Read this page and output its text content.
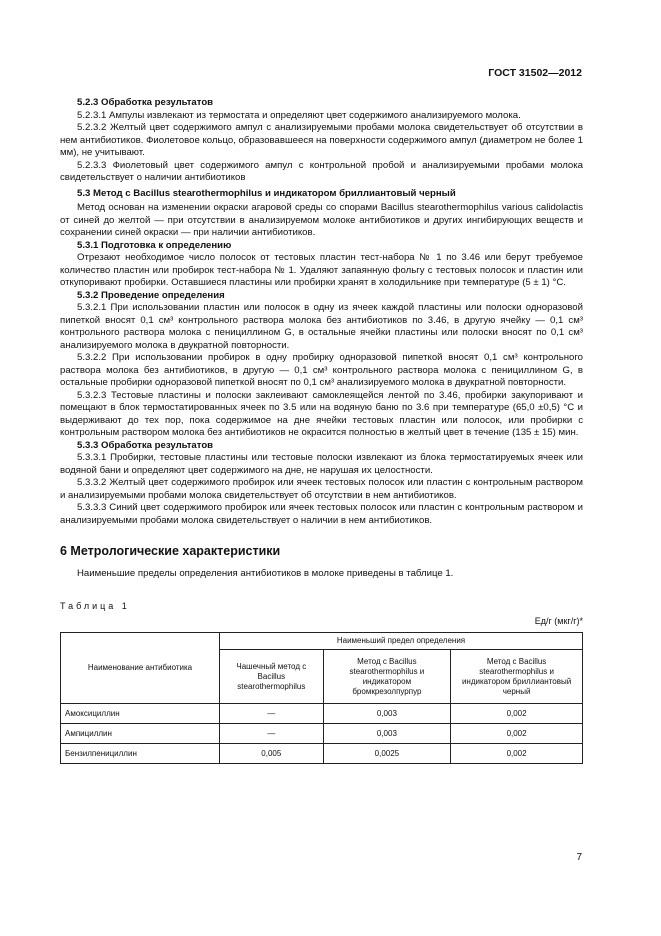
ГОСТ 31502—2012

5.2.3 Обработка результатов

5.2.3.1 Ампулы извлекают из термостата и определяют цвет содержимого анализируемого молока.

5.2.3.2 Желтый цвет содержимого ампул с анализируемыми пробами молока свидетельствует об отсутствии в нем антибиотиков. Фиолетовое кольцо, образовавшееся на поверхности содержимого ампул (диаметром не более 1 мм), не учитывают.

5.2.3.3 Фиолетовый цвет содержимого ампул с контрольной пробой и анализируемыми пробами молока свидетельствует о наличии антибиотиков

5.3 Метод с Bacillus stearothermophilus и индикатором бриллиантовый черный

Метод основан на изменении окраски агаровой среды со спорами Bacillus stearothermophilus various calidolactis от синей до желтой — при отсутствии в анализируемом молоке антибиотиков и других ингибирующих веществ и сохранении синей окраски — при наличии антибиотиков.

5.3.1 Подготовка к определению

Отрезают необходимое число полосок от тестовых пластин тест-набора № 1 по 3.46 или берут требуемое количество пластин или пробирок тест-набора № 1. Удаляют запаянную фольгу с тестовых полосок и пластин или откупоривают пробирки. Оставшиеся пластины или пробирки хранят в холодильнике при температуре (5 ± 1) °С.

5.3.2 Проведение определения

5.3.2.1 При использовании пластин или полосок в одну из ячеек каждой пластины или полоски одноразовой пипеткой вносят 0,1 см³ контрольного раствора молока без антибиотиков по 3.46, в другую ячейку — 0,1 см³ контрольного раствора молока с пенициллином G, в остальные ячейки пластины или полоски вносят по 0,1 см³ анализируемого молока в двукратной повторности.

5.3.2.2 При использовании пробирок в одну пробирку одноразовой пипеткой вносят 0,1 см³ контрольного раствора молока без антибиотиков, в другую — 0,1 см³ контрольного раствора молока с пенициллином G, в остальные пробирки одноразовой пипеткой вносят по 0,1 см³ анализируемого молока в двукратной повторности.

5.3.2.3 Тестовые пластины и полоски заклеивают самоклеящейся лентой по 3.46, пробирки закупоривают и помещают в блок термостатированных ячеек по 3.5 или на водяную баню по 3.6 при температуре (65,0 ±0,5) °С и выдерживают до тех пор, пока содержимое на дне ячейки тестовых пластин или полосок, или пробирки с контрольным раствором молока без антибиотиков не окрасится полностью в желтый цвет в течение (135 ± 15) мин.

5.3.3 Обработка результатов

5.3.3.1 Пробирки, тестовые пластины или тестовые полоски извлекают из блока термостатируемых ячеек или водяной бани и определяют цвет содержимого на дне, не нарушая их целостности.

5.3.3.2 Желтый цвет содержимого пробирок или ячеек тестовых полосок или пластин с контрольным раствором и анализируемыми пробами молока свидетельствует об отсутствии в нем антибиотиков.

5.3.3.3 Синий цвет содержимого пробирок или ячеек тестовых полосок или пластин с контрольным раствором и анализируемыми пробами молока свидетельствует о наличии в нем антибиотиков.

6 Метрологические характеристики

Наименьшие пределы определения антибиотиков в молоке приведены в таблице 1.

Таблица 1

Ед/г (мкг/г)*

Наименование антибиотика	Наименьший предел определения		
	Чашечный метод с Bacillus stearothermophilus	Метод с Bacillus stearothermophilus и индикатором бромкрезолпурпур	Метод с Bacillus stearothermophilus и индикатором бриллиантовый черный
Амоксициллин	—	0,003	0,002
Ампициллин	—	0,003	0,002
Бензилпенициллин	0,005	0,0025	0,002
7
